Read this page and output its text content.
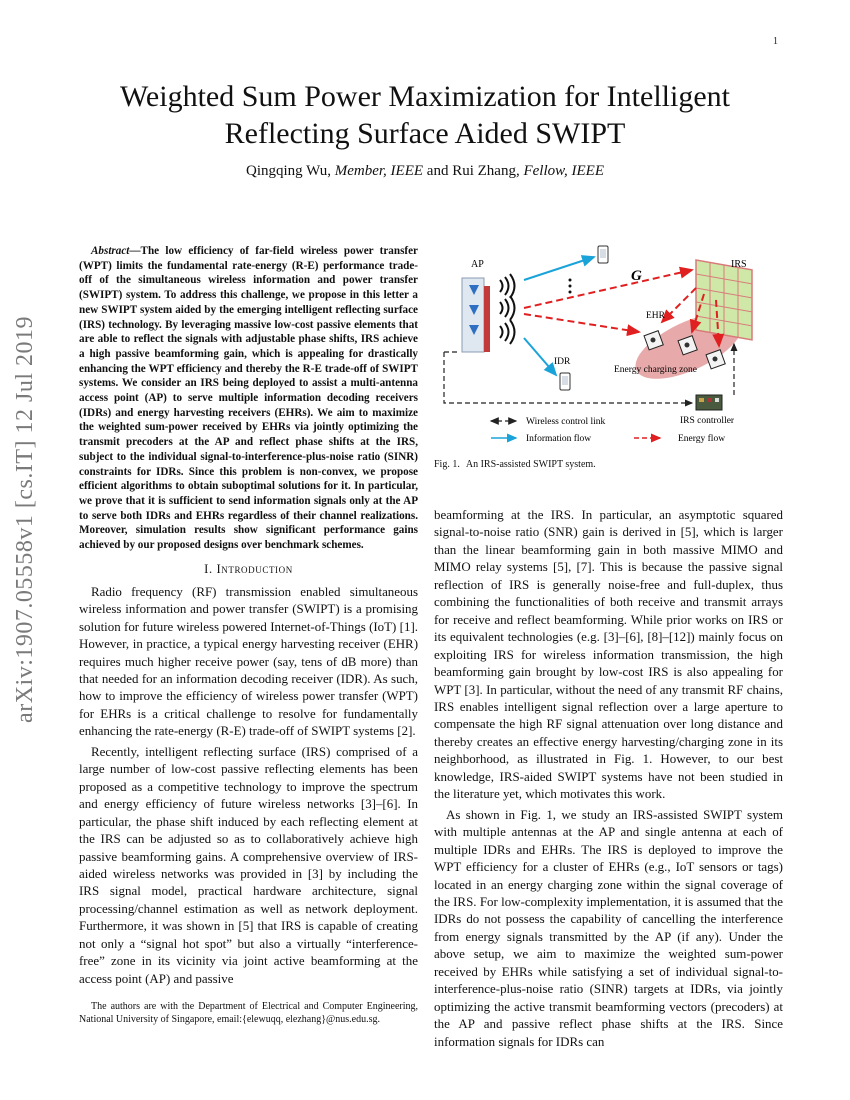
1
arXiv:1907.05558v1 [cs.IT] 12 Jul 2019
Weighted Sum Power Maximization for Intelligent Reflecting Surface Aided SWIPT
Qingqing Wu, Member, IEEE and Rui Zhang, Fellow, IEEE

Abstract—The low efficiency of far-field wireless power transfer (WPT) limits the fundamental rate-energy (R-E) performance trade-off of the simultaneous wireless information and power transfer (SWIPT) system. To address this challenge, we propose in this letter a new SWIPT system aided by the emerging intelligent reflecting surface (IRS) technology. By leveraging massive low-cost passive elements that are able to reflect the signals with adjustable phase shifts, IRS achieve a high passive beamforming gain, which is appealing for drastically enhancing the WPT efficiency and thereby the R-E trade-off of SWIPT systems. We consider an IRS being deployed to assist a multi-antenna access point (AP) to serve multiple information decoding receivers (IDRs) and energy harvesting receivers (EHRs). We aim to maximize the weighted sum-power received by EHRs via jointly optimizing the transmit precoders at the AP and reflect phase shifts at the IRS, subject to the individual signal-to-interference-plus-noise ratio (SINR) constraints for IDRs. Since this problem is non-convex, we propose efficient algorithms to obtain suboptimal solutions for it. In particular, we prove that it is sufficient to send information signals only at the AP to serve both IDRs and EHRs regardless of their channel realizations. Moreover, simulation results show significant performance gains achieved by our proposed designs over benchmark schemes.

I. Introduction

Radio frequency (RF) transmission enabled simultaneous wireless information and power transfer (SWIPT) is a promising solution for future wireless powered Internet-of-Things (IoT) [1]. However, in practice, a typical energy harvesting receiver (EHR) requires much higher receive power (say, tens of dB more) than that needed for an information decoding receiver (IDR). As such, how to improve the efficiency of wireless power transfer (WPT) for EHRs is a critical challenge to resolve for fundamentally enhancing the rate-energy (R-E) trade-off of SWIPT systems [2].

Recently, intelligent reflecting surface (IRS) comprised of a large number of low-cost passive reflecting elements has been proposed as a competitive technology to improve the spectrum and energy efficiency of future wireless networks [3]–[6]. In particular, the phase shift induced by each reflecting element at the IRS can be adjusted so as to collaboratively achieve high passive beamforming gains. A comprehensive overview of IRS-aided wireless networks was provided in [3] by including the IRS signal model, practical hardware architecture, signal processing/channel estimation as well as network deployment. Furthermore, it was shown in [5] that IRS is capable of creating not only a “signal hot spot” but also a virtually “interference-free” zone in its vicinity via joint active beamforming at the access point (AP) and passive

The authors are with the Department of Electrical and Computer Engineering, National University of Singapore, email:{elewuqq, elezhang}@nus.edu.sg.
AP	IRS
G
EHR
Energy charging zone
IDR
IRS controller
Wireless control link
Information flow	Energy flow
Fig. 1. An IRS-assisted SWIPT system.

beamforming at the IRS. In particular, an asymptotic squared signal-to-noise ratio (SNR) gain is derived in [5], which is larger than the linear beamforming gain in both massive MIMO and MIMO relay systems [5], [7]. This is because the passive signal reflection of IRS is generally noise-free and full-duplex, thus combining the functionalities of both receive and transmit arrays for receive and reflect beamforming. While prior works on IRS or its equivalent technologies (e.g. [3]–[6], [8]–[12]) mainly focus on exploiting IRS for wireless information transmission, the high beamforming gain brought by low-cost IRS is also appealing for WPT [3]. In particular, without the need of any transmit RF chains, IRS enables intelligent signal reflection over a large aperture to compensate the high RF signal attenuation over long distance and thereby creates an effective energy harvesting/charging zone in its neighborhood, as illustrated in Fig. 1. However, to our best knowledge, IRS-aided SWIPT systems have not been studied in the literature yet, which motivates this work.

As shown in Fig. 1, we study an IRS-assisted SWIPT system with multiple antennas at the AP and single antenna at each of multiple IDRs and EHRs. The IRS is deployed to improve the WPT efficiency for a cluster of EHRs (e.g., IoT sensors or tags) located in an energy charging zone within the signal coverage of the IRS. For low-complexity implementation, it is assumed that the IDRs do not possess the capability of cancelling the interference from energy signals transmitted by the AP (if any). Under the above setup, we aim to maximize the weighted sum-power received by EHRs while satisfying a set of individual signal-to-interference-plus-noise ratio (SINR) targets at IDRs, via jointly optimizing the active transmit beamforming vectors (precoders) at the AP and passive reflect phase shifts at the IRS. Since information signals for IDRs can
